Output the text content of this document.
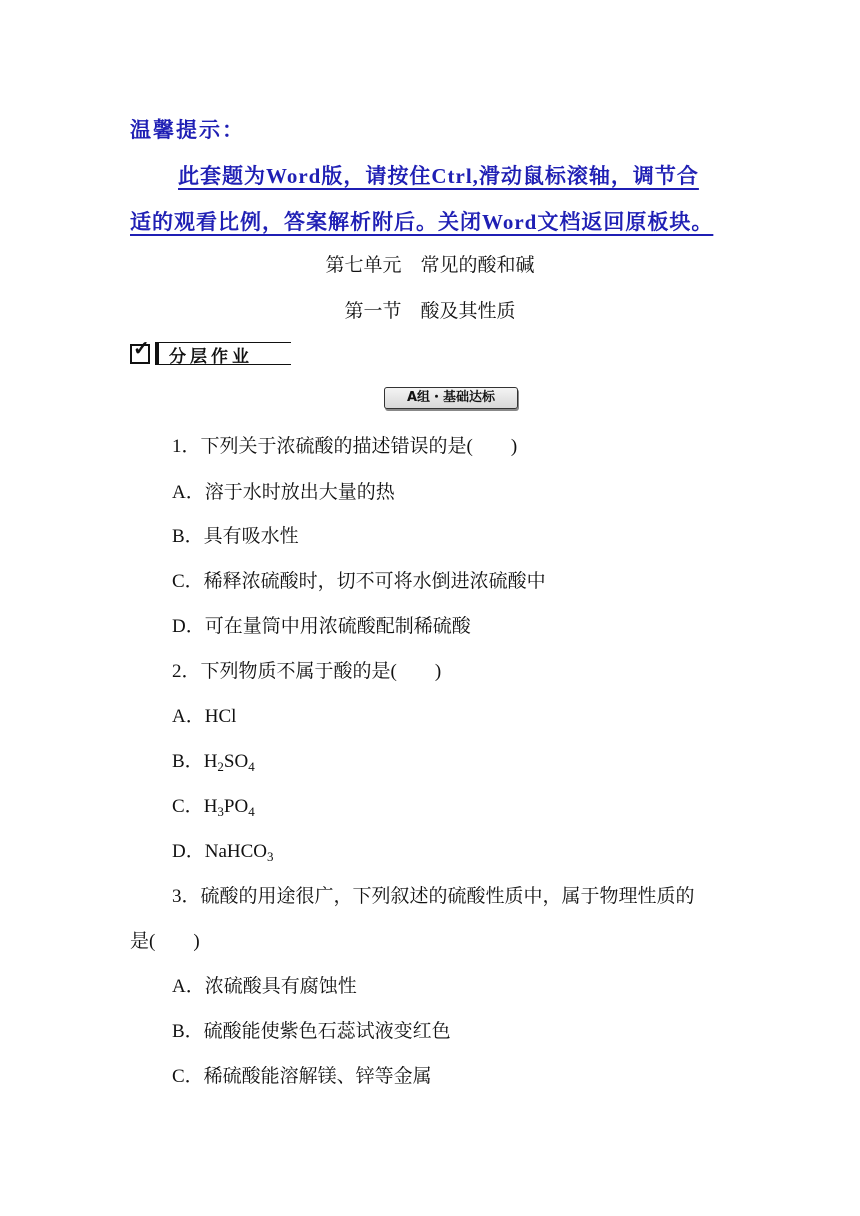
温馨提示：
此套题为Word版，请按住Ctrl,滑动鼠标滚轴，调节合
适的观看比例，答案解析附后。关闭Word文档返回原板块。
第七单元　常见的酸和碱
第一节　酸及其性质
✓ 分层作业
A组・基础达标
1．下列关于浓硫酸的描述错误的是(　　)
A．溶于水时放出大量的热
B．具有吸水性
C．稀释浓硫酸时，切不可将水倒进浓硫酸中
D．可在量筒中用浓硫酸配制稀硫酸
2．下列物质不属于酸的是(　　)
A．HCl
B．$H_2SO_4$
C．$H_3PO_4$
D．NaHCO$_3$
3．硫酸的用途很广，下列叙述的硫酸性质中，属于物理性质的
是(　　)
A．浓硫酸具有腐蚀性
B．硫酸能使紫色石蕊试液变红色
C．稀硫酸能溶解镁、锌等金属
